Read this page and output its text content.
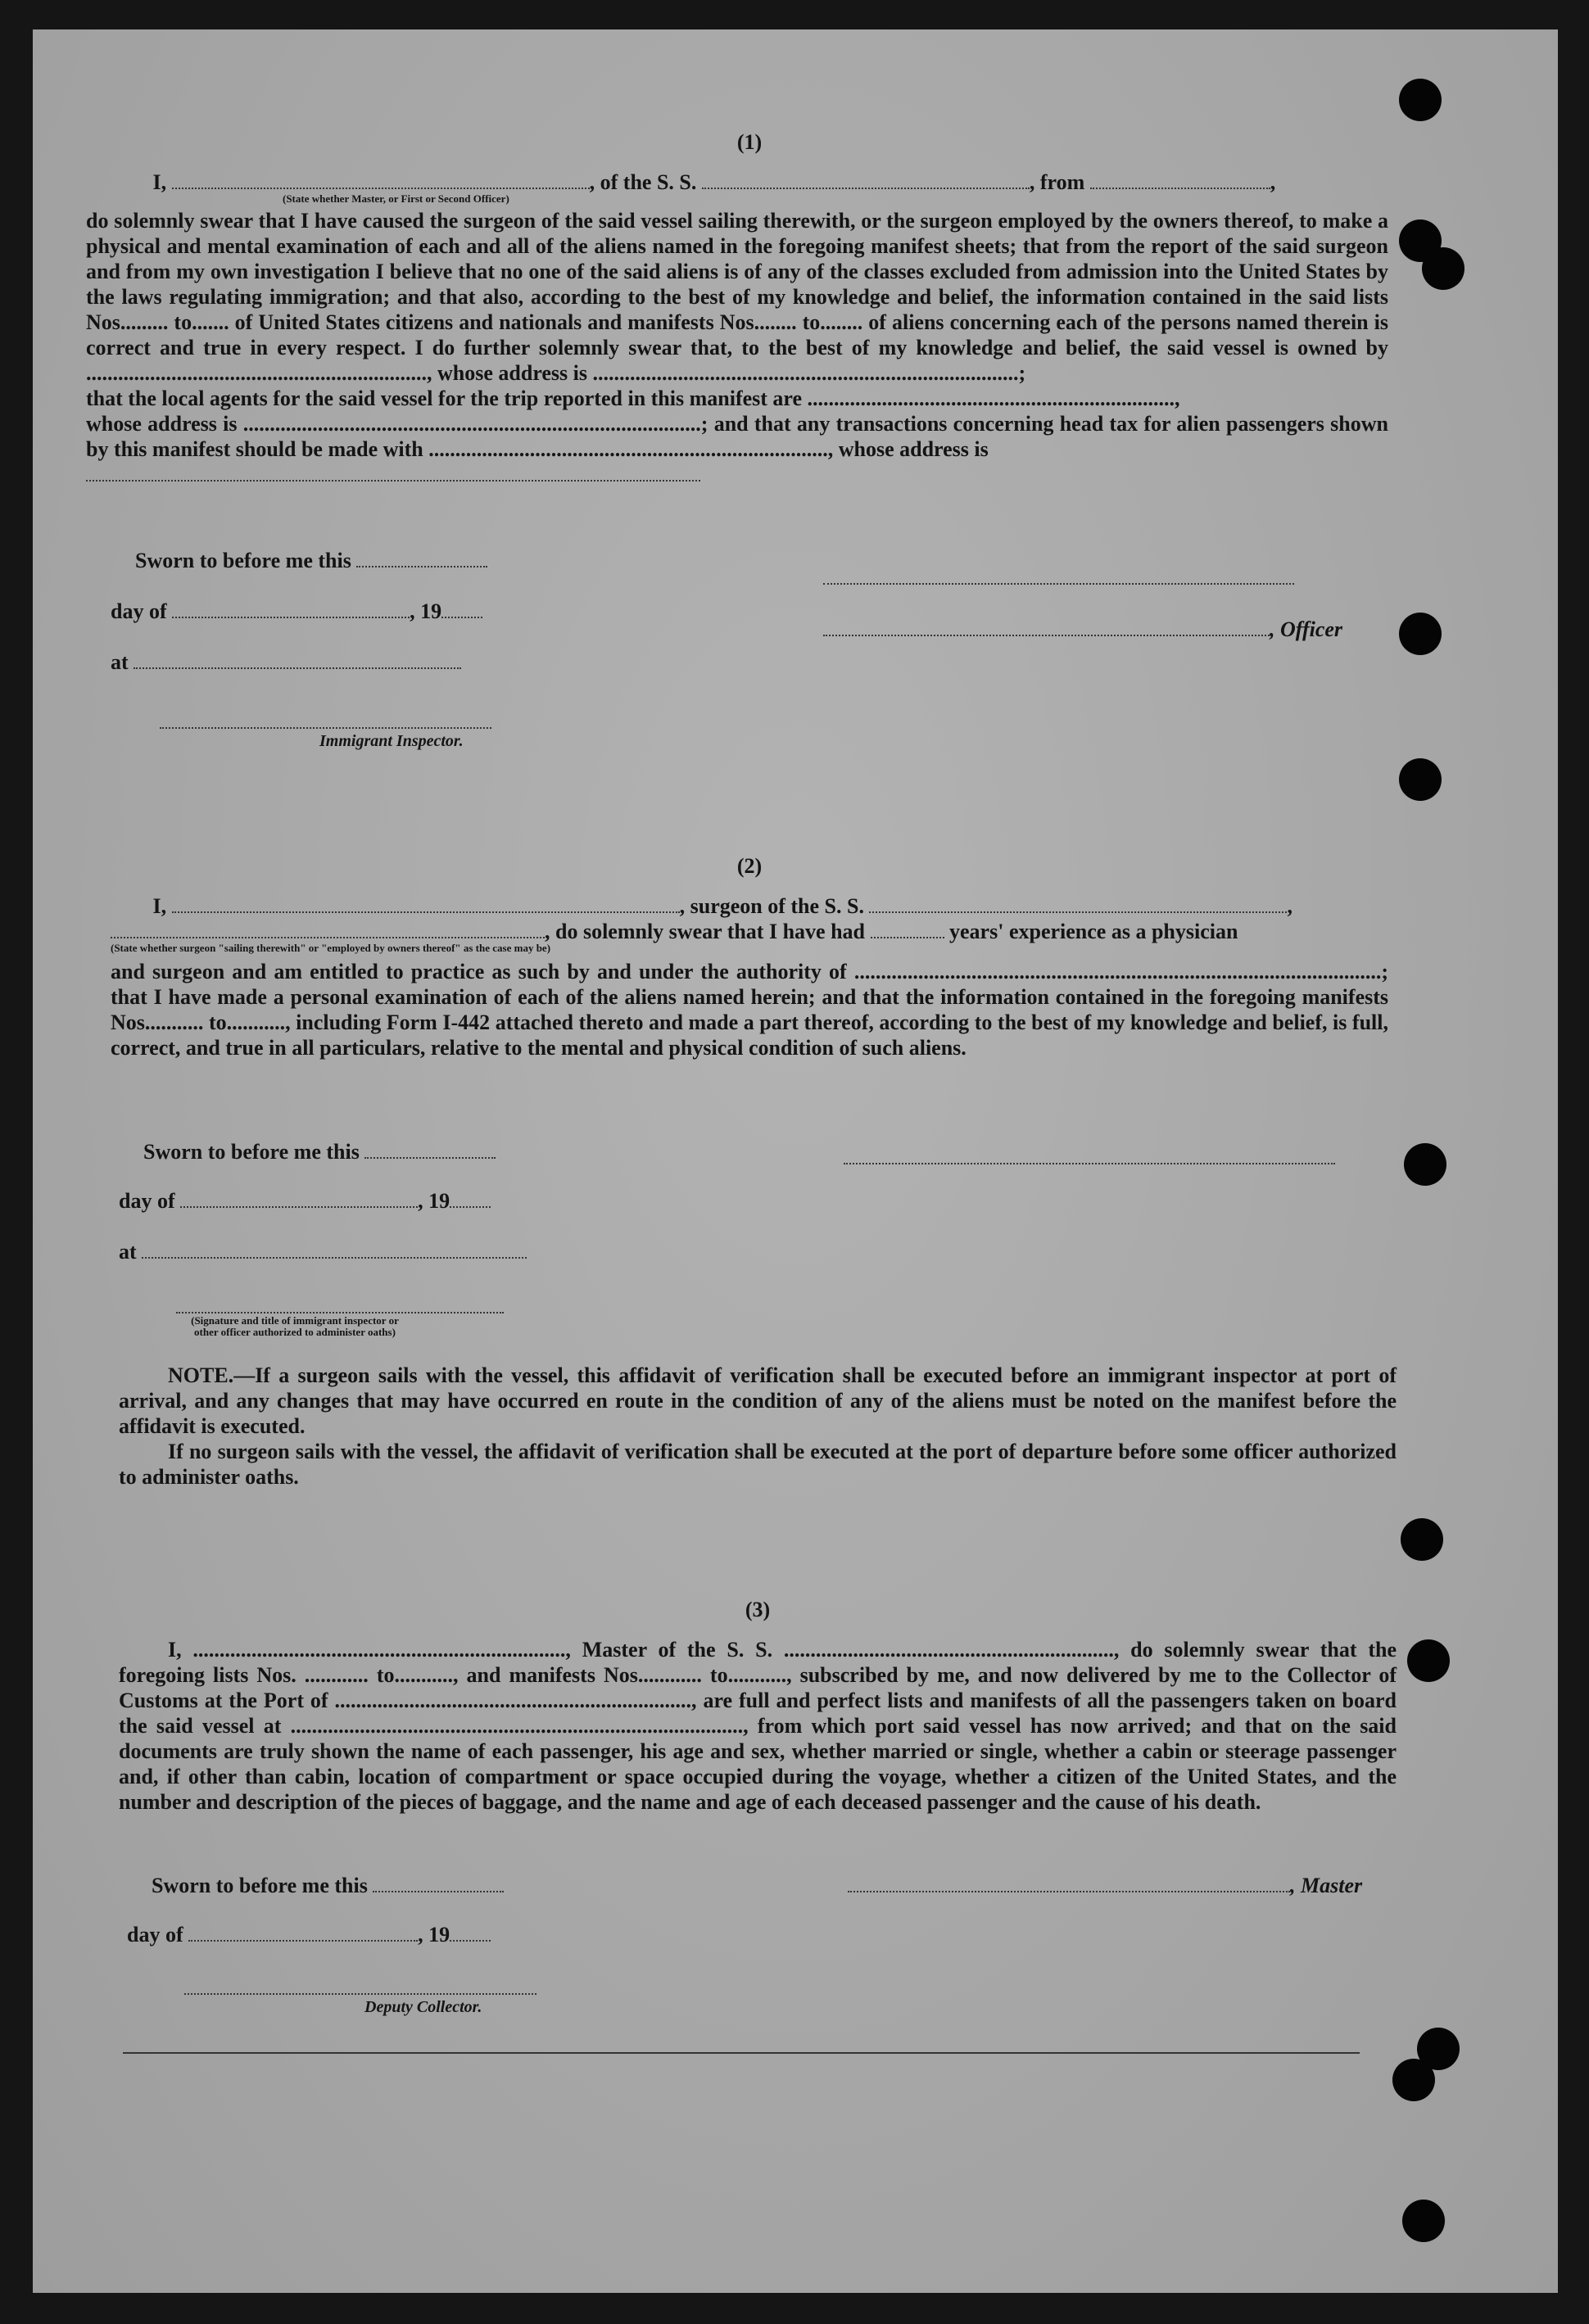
(1)
I,	, of the S. S.	, from	,
(State whether Master, or First or Second Officer)

do solemnly swear that I have caused the surgeon of the said vessel sailing therewith, or the surgeon employed by the owners thereof, to make a physical and mental examination of each and all of the aliens named in the foregoing manifest sheets; that from the report of the said surgeon and from my own investigation I believe that no one of the said aliens is of any of the classes excluded from admission into the United States by the laws regulating immigration; and that also, according to the best of my knowledge and belief, the information contained in the said lists Nos......... to....... of United States citizens and nationals and manifests Nos........ to........ of aliens concerning each of the persons named therein is correct and true in every respect. I do further solemnly swear that, to the best of my knowledge and belief, the said vessel is owned by ................................................................, whose address is ................................................................................;

that the local agents for the said vessel for the trip reported in this manifest are .....................................................................,

whose address is ......................................................................................; and that any transactions concerning head tax for alien passengers shown by this manifest should be made with ..........................................................................., whose address is

Sworn to before me this
day of	, 19
at
Immigrant Inspector.
, Officer
(2)
I,	, surgeon of the S. S.	,
, do solemnly swear that I have had	years' experience as a physician
(State whether surgeon "sailing therewith" or "employed by owners thereof" as the case may be)

and surgeon and am entitled to practice as such by and under the authority of ...................................................................................................; that I have made a personal examination of each of the aliens named herein; and that the information contained in the foregoing manifests Nos........... to..........., including Form I-442 attached thereto and made a part thereof, according to the best of my knowledge and belief, is full, correct, and true in all particulars, relative to the mental and physical condition of such aliens.

Sworn to before me this
day of	, 19
at
(Signature and title of immigrant inspector or other officer authorized to administer oaths)

NOTE.—If a surgeon sails with the vessel, this affidavit of verification shall be executed before an immigrant inspector at port of arrival, and any changes that may have occurred en route in the condition of any of the aliens must be noted on the manifest before the affidavit is executed.

If no surgeon sails with the vessel, the affidavit of verification shall be executed at the port of departure before some officer authorized to administer oaths.

(3)

I, ......................................................................, Master of the S. S. .............................................................., do solemnly swear that the foregoing lists Nos. ............ to..........., and manifests Nos............ to..........., subscribed by me, and now delivered by me to the Collector of Customs at the Port of ..................................................................., are full and perfect lists and manifests of all the passengers taken on board the said vessel at ....................................................................................., from which port said vessel has now arrived; and that on the said documents are truly shown the name of each passenger, his age and sex, whether married or single, whether a cabin or steerage passenger and, if other than cabin, location of compartment or space occupied during the voyage, whether a citizen of the United States, and the number and description of the pieces of baggage, and the name and age of each deceased passenger and the cause of his death.

Sworn to before me this	, Master
day of	, 19
Deputy Collector.
